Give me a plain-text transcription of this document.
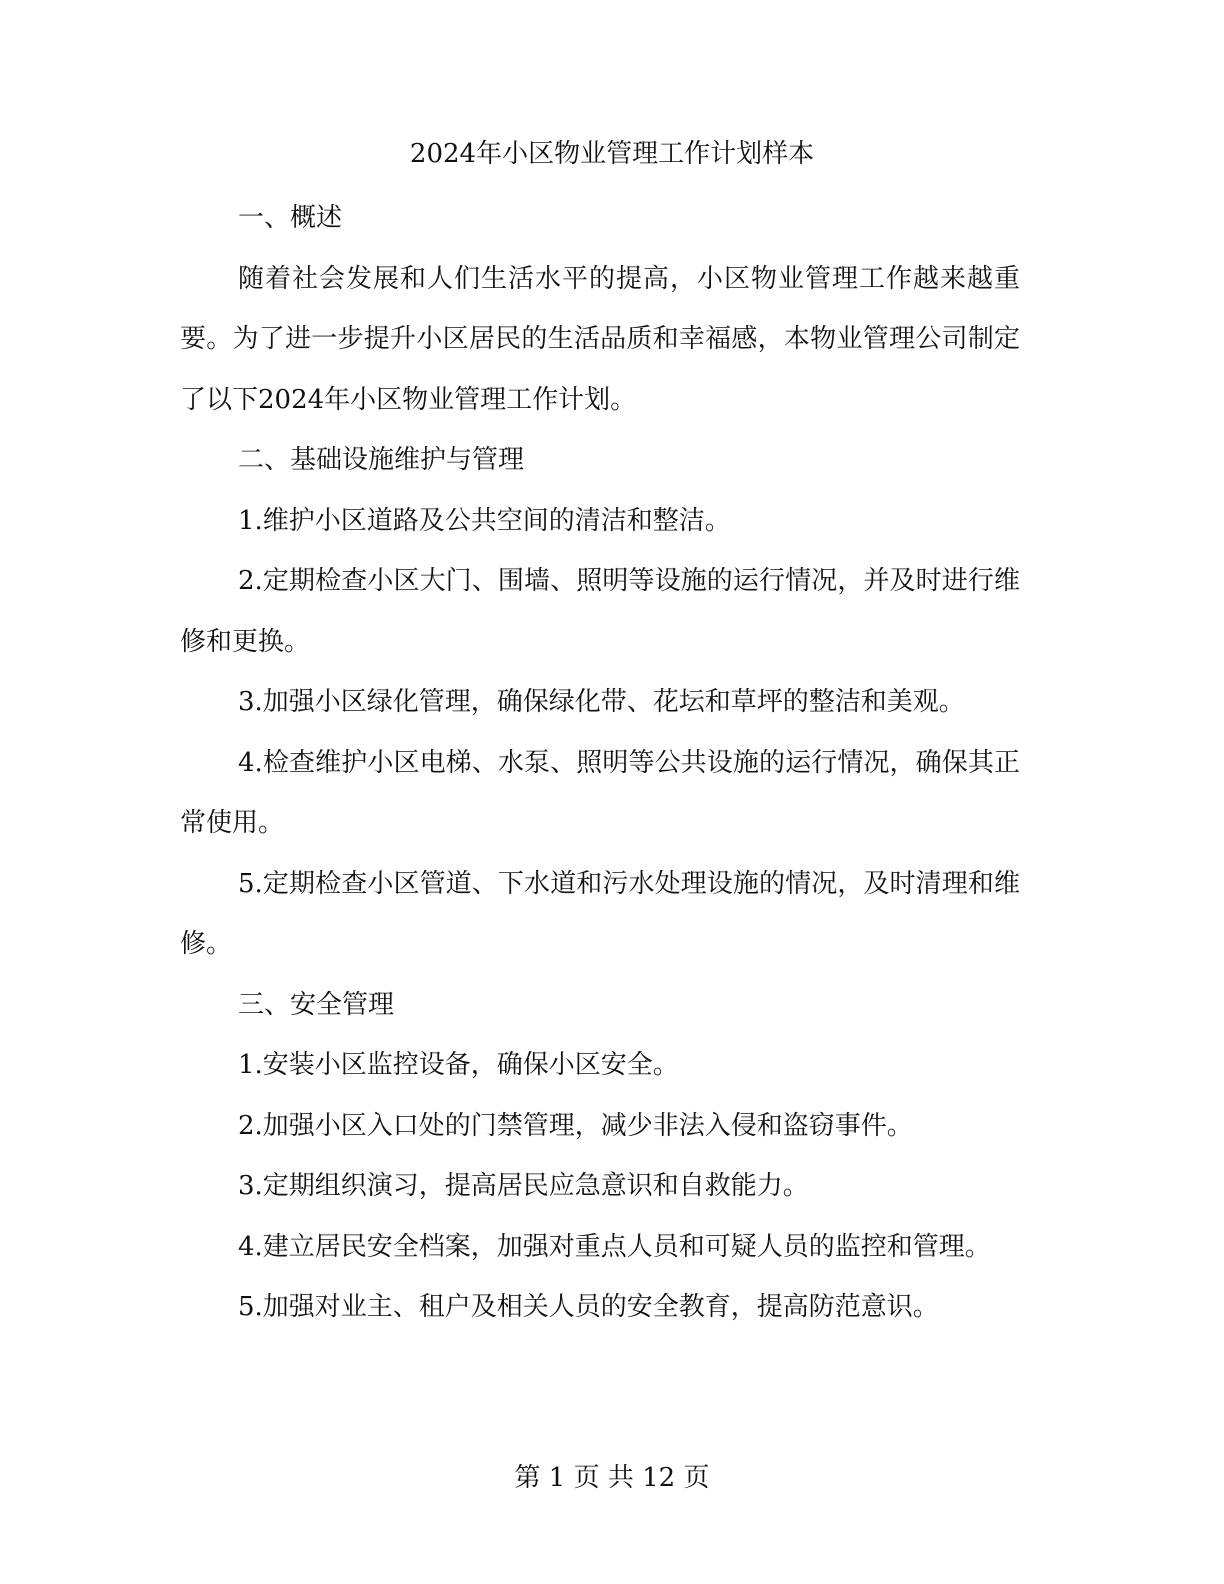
2024年小区物业管理工作计划样本

一、概述

随着社会发展和人们生活水平的提高，小区物业管理工作越来越重要。为了进一步提升小区居民的生活品质和幸福感，本物业管理公司制定了以下2024年小区物业管理工作计划。

二、基础设施维护与管理

1.维护小区道路及公共空间的清洁和整洁。

2.定期检查小区大门、围墙、照明等设施的运行情况，并及时进行维修和更换。

3.加强小区绿化管理，确保绿化带、花坛和草坪的整洁和美观。

4.检查维护小区电梯、水泵、照明等公共设施的运行情况，确保其正常使用。

5.定期检查小区管道、下水道和污水处理设施的情况，及时清理和维修。

三、安全管理

1.安装小区监控设备，确保小区安全。

2.加强小区入口处的门禁管理，减少非法入侵和盗窃事件。

3.定期组织演习，提高居民应急意识和自救能力。

4.建立居民安全档案，加强对重点人员和可疑人员的监控和管理。

5.加强对业主、租户及相关人员的安全教育，提高防范意识。

第 1 页 共 12 页
